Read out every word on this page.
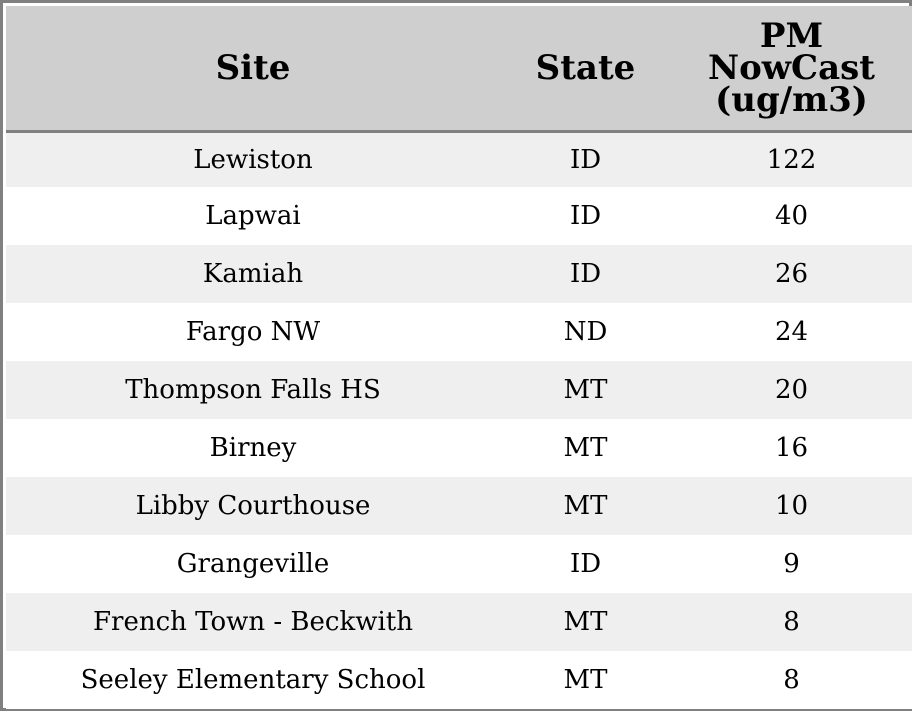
Site	State	PM
NowCast
(ug/m3)

Lewiston	ID	122
Lapwai	ID	40
Kamiah	ID	26
Fargo NW	ND	24
Thompson Falls HS	MT	20
Birney	MT	16
Libby Courthouse	MT	10
Grangeville	ID	9
French Town - Beckwith	MT	8
Seeley Elementary School	MT	8
